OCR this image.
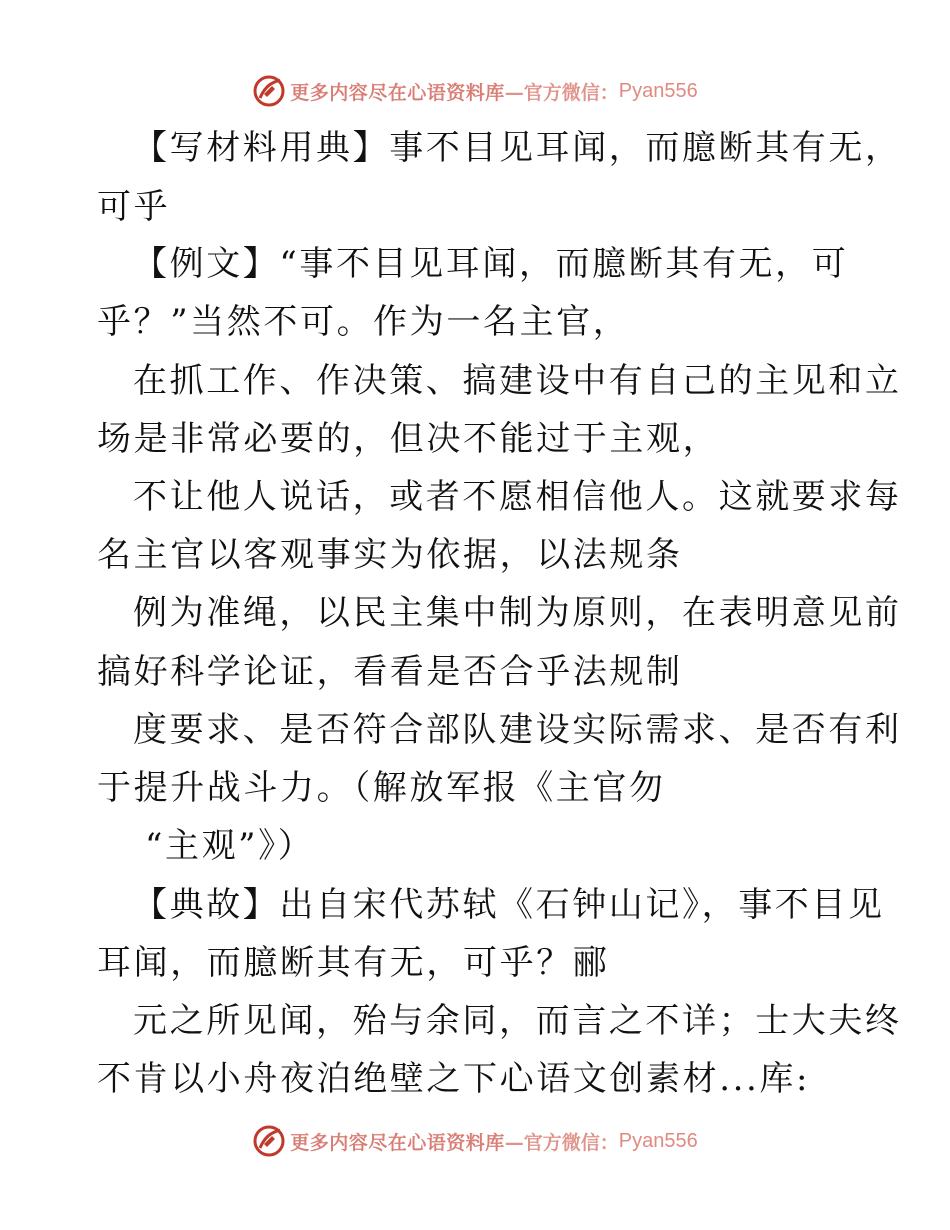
更多内容尽在心语资料库 —官方微信： Pyan556
【写材料用典】事不目见耳闻，而臆断其有无，
可乎
【例文】“事不目见耳闻，而臆断其有无，可
乎？”当然不可。作为一名主官，
在抓工作、作决策、搞建设中有自己的主见和立
场是非常必要的，但决不能过于主观，
不让他人说话，或者不愿相信他人。这就要求每
名主官以客观事实为依据，以法规条
例为准绳，以民主集中制为原则，在表明意见前
搞好科学论证，看看是否合乎法规制
度要求、是否符合部队建设实际需求、是否有利
于提升战斗力。（解放军报《主官勿
“主观”》）
【典故】出自宋代苏轼《石钟山记》，事不目见
耳闻，而臆断其有无，可乎？郦
元之所见闻，殆与余同，而言之不详；士大夫终
不肯以小舟夜泊绝壁之下心语文创素材...库:
更多内容尽在心语资料库 —官方微信： Pyan556
